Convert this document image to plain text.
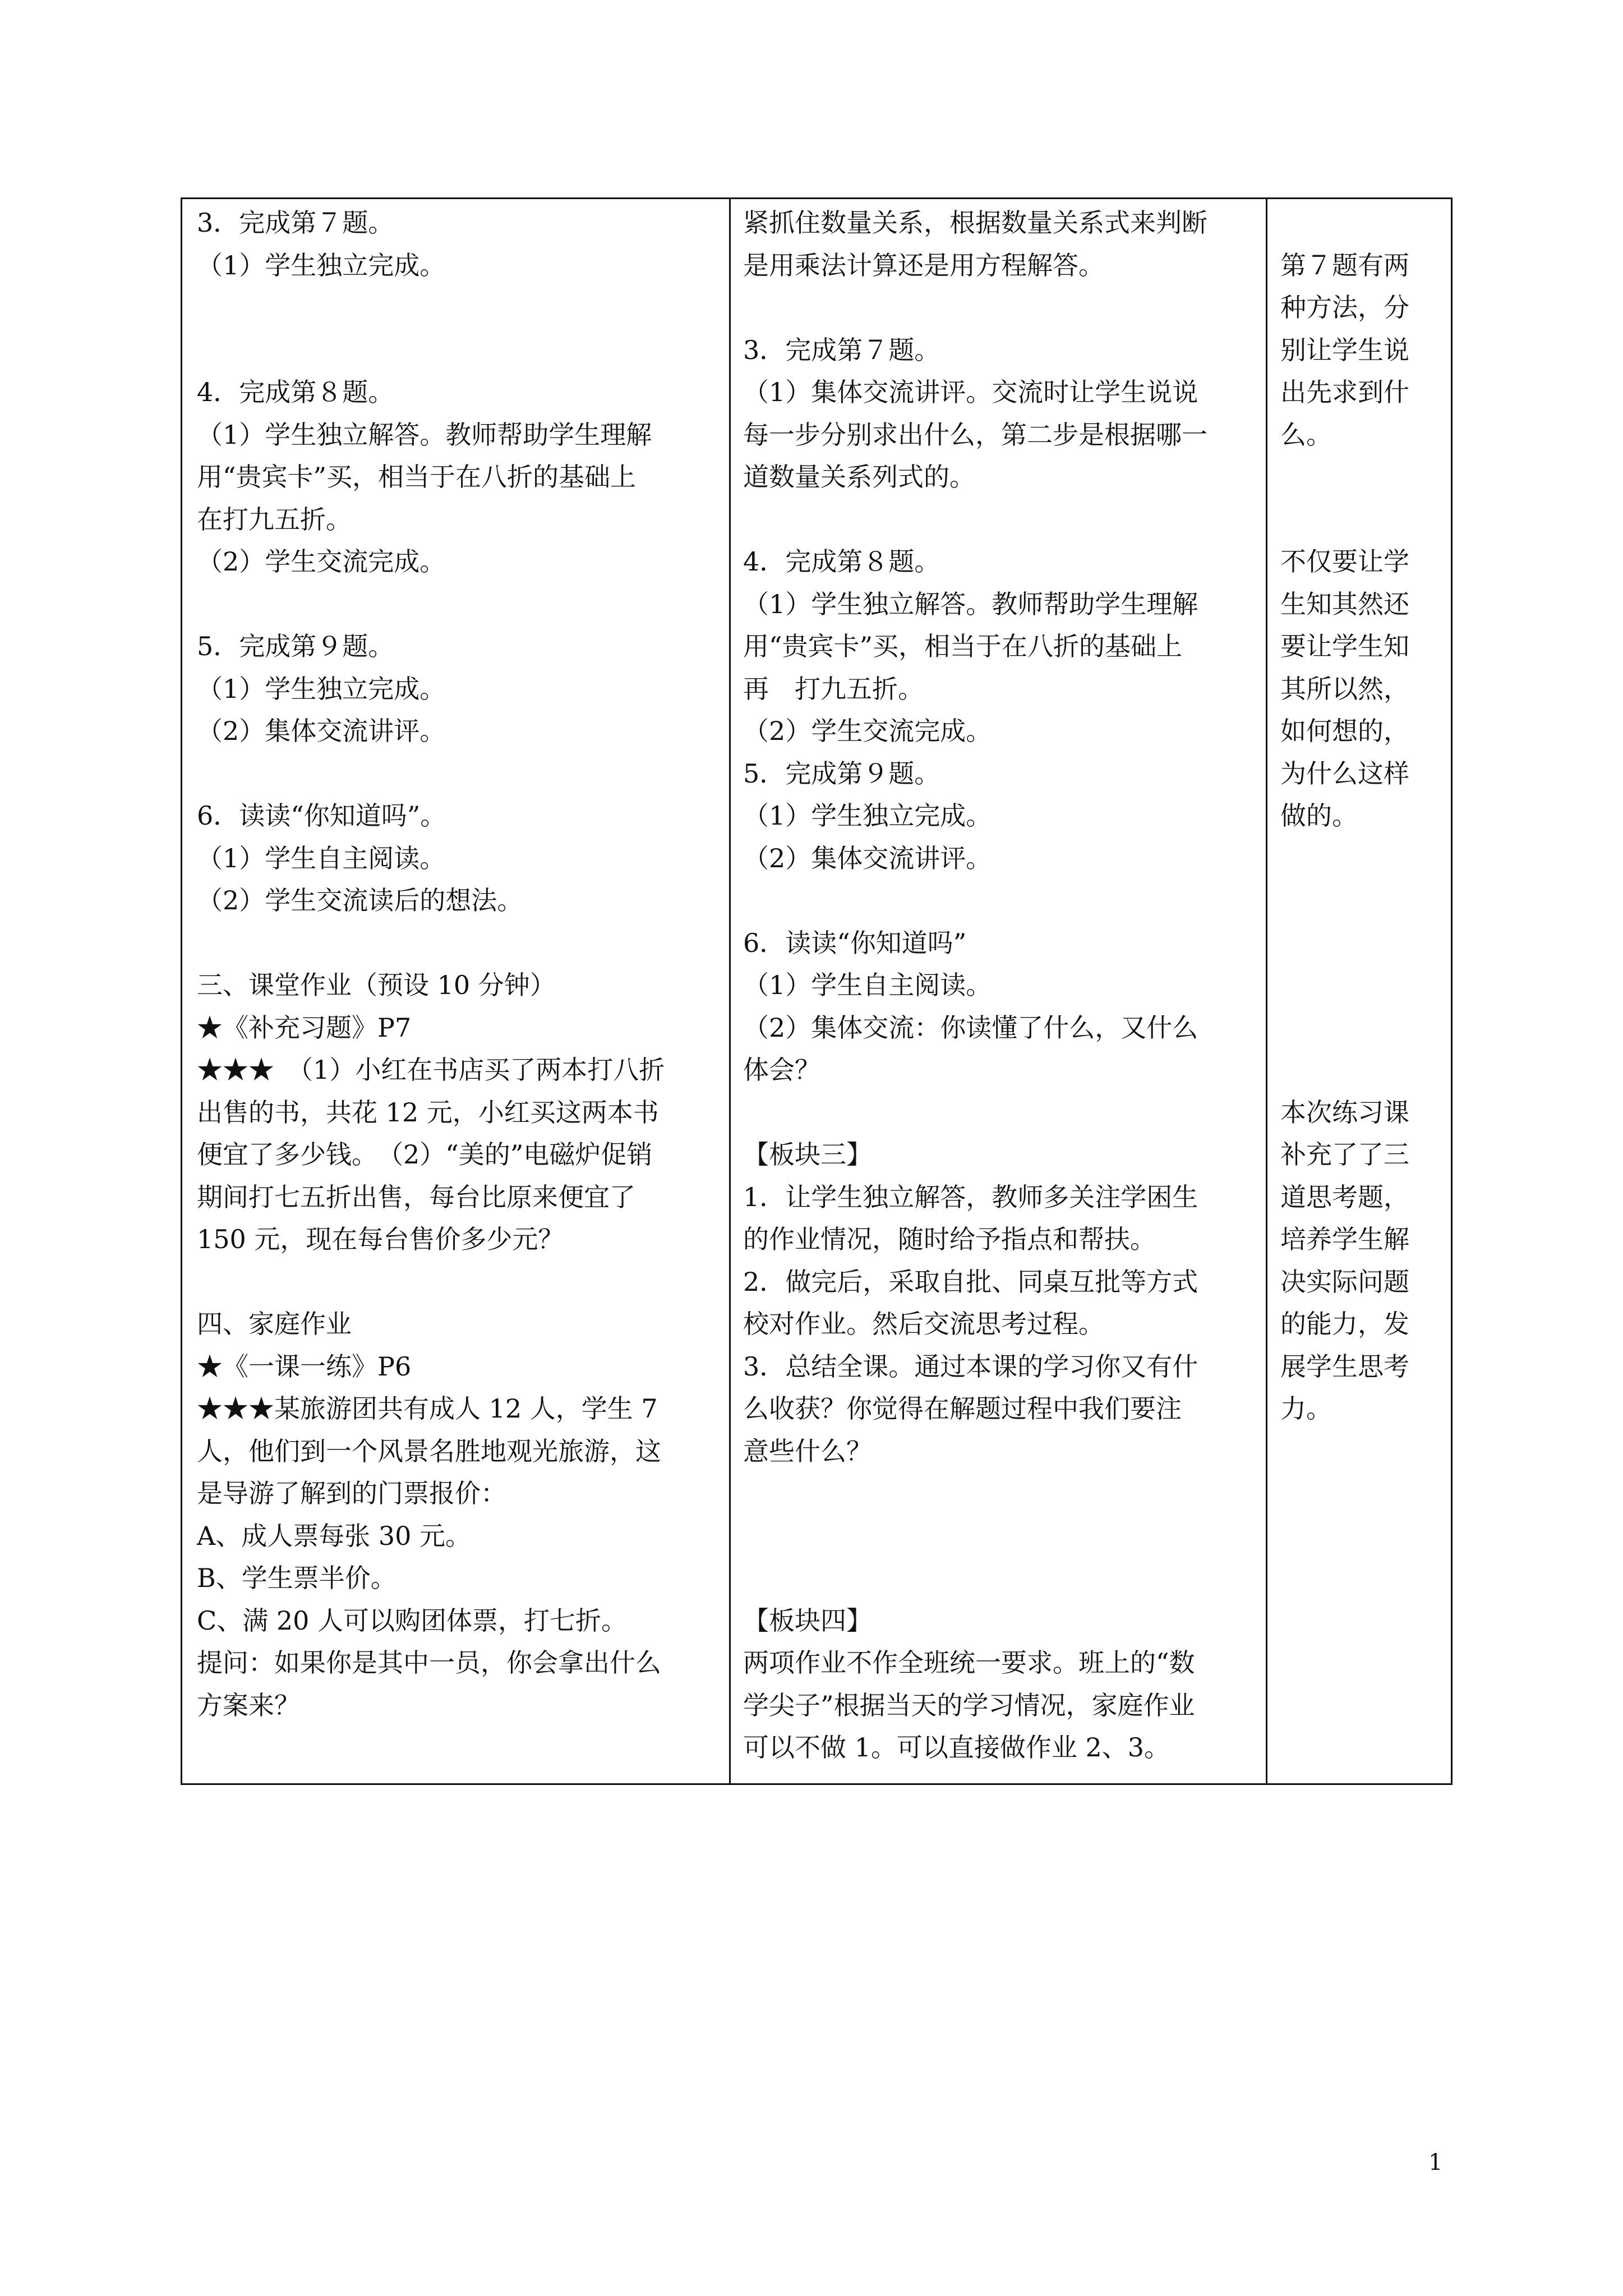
3．完成第７题。
（1）学生独立完成。
4．完成第８题。
（1）学生独立解答。教师帮助学生理解
用“贵宾卡”买，相当于在八折的基础上
在打九五折。
（2）学生交流完成。
5．完成第９题。
（1）学生独立完成。
（2）集体交流讲评。
6．读读“你知道吗”。
（1）学生自主阅读。
（2）学生交流读后的想法。
三、课堂作业（预设 10 分钟）
★《补充习题》P7
★★★　（1）小红在书店买了两本打八折
出售的书，共花 12 元，小红买这两本书
便宜了多少钱。　（2）“美的”电磁炉促销
期间打七五折出售，每台比原来便宜了
150 元，现在每台售价多少元？
四、家庭作业
★《一课一练》P6
★★★某旅游团共有成人 12 人，学生 7
人，他们到一个风景名胜地观光旅游，这
是导游了解到的门票报价：
A、成人票每张 30 元。
B、学生票半价。
C、满 20 人可以购团体票，打七折。
提问：如果你是其中一员，你会拿出什么
方案来？
紧抓住数量关系，根据数量关系式来判断
是用乘法计算还是用方程解答。
3．完成第７题。
（1）集体交流讲评。交流时让学生说说
每一步分别求出什么，第二步是根据哪一
道数量关系列式的。
4．完成第８题。
（1）学生独立解答。教师帮助学生理解
用“贵宾卡”买，相当于在八折的基础上
再　打九五折。
（2）学生交流完成。
5．完成第９题。
（1）学生独立完成。
（2）集体交流讲评。
6．读读“你知道吗”
（1）学生自主阅读。
（2）集体交流：你读懂了什么，又什么
体会？
【板块三】
1．让学生独立解答，教师多关注学困生
的作业情况，随时给予指点和帮扶。
2．做完后，采取自批、同桌互批等方式
校对作业。然后交流思考过程。
3．总结全课。通过本课的学习你又有什
么收获？你觉得在解题过程中我们要注
意些什么？
【板块四】
两项作业不作全班统一要求。班上的“数
学尖子”根据当天的学习情况，家庭作业
可以不做 1。可以直接做作业 2、3。
第７题有两
种方法，分
别让学生说
出先求到什
么。
不仅要让学
生知其然还
要让学生知
其所以然，
如何想的，
为什么这样
做的。
本次练习课
补充了了三
道思考题，
培养学生解
决实际问题
的能力，发
展学生思考
力。
1
